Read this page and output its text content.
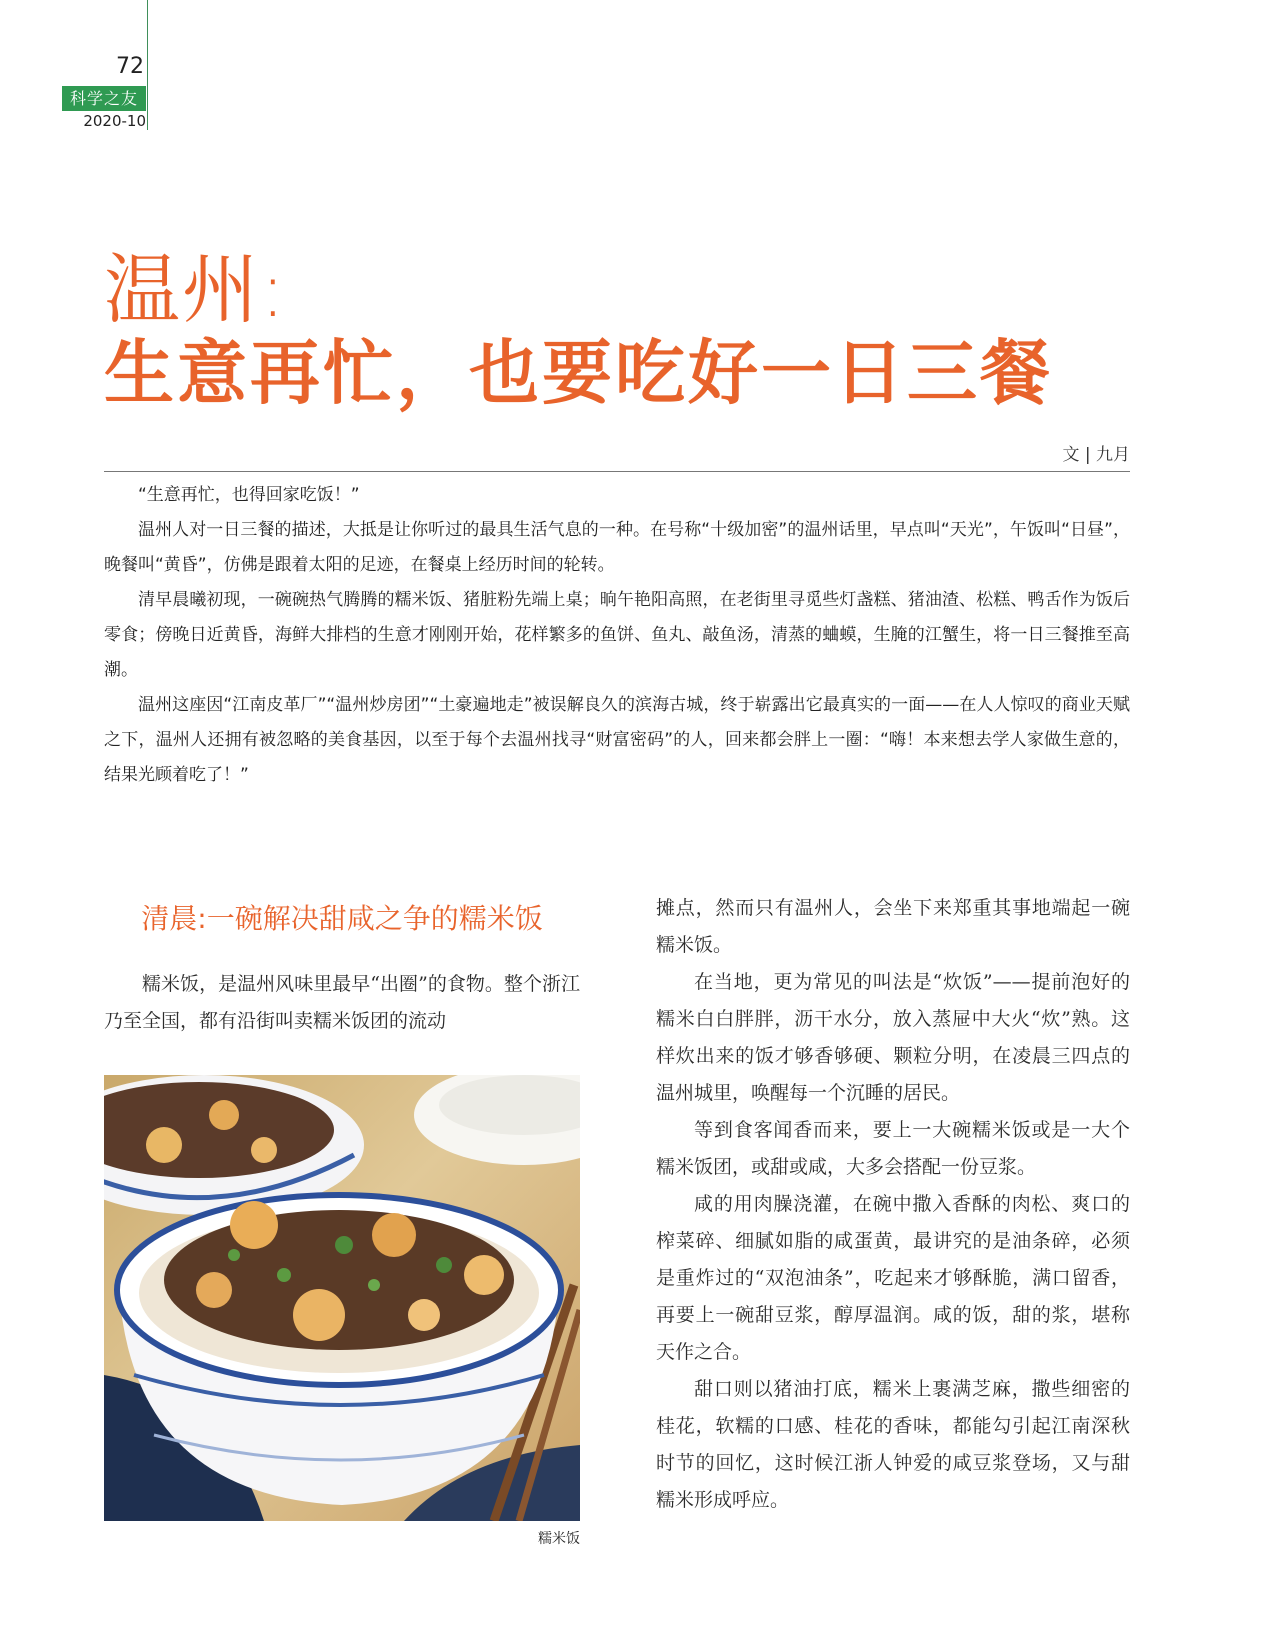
72
科学之友
2020-10
温州:
生意再忙，也要吃好一日三餐
文 | 九月

“生意再忙，也得回家吃饭！”

温州人对一日三餐的描述，大抵是让你听过的最具生活气息的一种。在号称“十级加密”的温州话里，早点叫“天光”，午饭叫“日昼”，晚餐叫“黄昏”，仿佛是跟着太阳的足迹，在餐桌上经历时间的轮转。

清早晨曦初现，一碗碗热气腾腾的糯米饭、猪脏粉先端上桌；晌午艳阳高照，在老街里寻觅些灯盏糕、猪油渣、松糕、鸭舌作为饭后零食；傍晚日近黄昏，海鲜大排档的生意才刚刚开始，花样繁多的鱼饼、鱼丸、敲鱼汤，清蒸的蛐蟆，生腌的江蟹生，将一日三餐推至高潮。

温州这座因“江南皮革厂”“温州炒房团”“土豪遍地走”被误解良久的滨海古城，终于崭露出它最真实的一面——在人人惊叹的商业天赋之下，温州人还拥有被忽略的美食基因，以至于每个去温州找寻“财富密码”的人，回来都会胖上一圈：“嗨！本来想去学人家做生意的，结果光顾着吃了！”

清晨:一碗解决甜咸之争的糯米饭

糯米饭，是温州风味里最早“出圈”的食物。整个浙江乃至全国，都有沿街叫卖糯米饭团的流动

糯米饭

摊点，然而只有温州人，会坐下来郑重其事地端起一碗糯米饭。

在当地，更为常见的叫法是“炊饭”——提前泡好的糯米白白胖胖，沥干水分，放入蒸屉中大火“炊”熟。这样炊出来的饭才够香够硬、颗粒分明，在凌晨三四点的温州城里，唤醒每一个沉睡的居民。

等到食客闻香而来，要上一大碗糯米饭或是一大个糯米饭团，或甜或咸，大多会搭配一份豆浆。

咸的用肉臊浇灌，在碗中撒入香酥的肉松、爽口的榨菜碎、细腻如脂的咸蛋黄，最讲究的是油条碎，必须是重炸过的“双泡油条”，吃起来才够酥脆，满口留香，再要上一碗甜豆浆，醇厚温润。咸的饭，甜的浆，堪称天作之合。

甜口则以猪油打底，糯米上裹满芝麻，撒些细密的桂花，软糯的口感、桂花的香味，都能勾引起江南深秋时节的回忆，这时候江浙人钟爱的咸豆浆登场，又与甜糯米形成呼应。
